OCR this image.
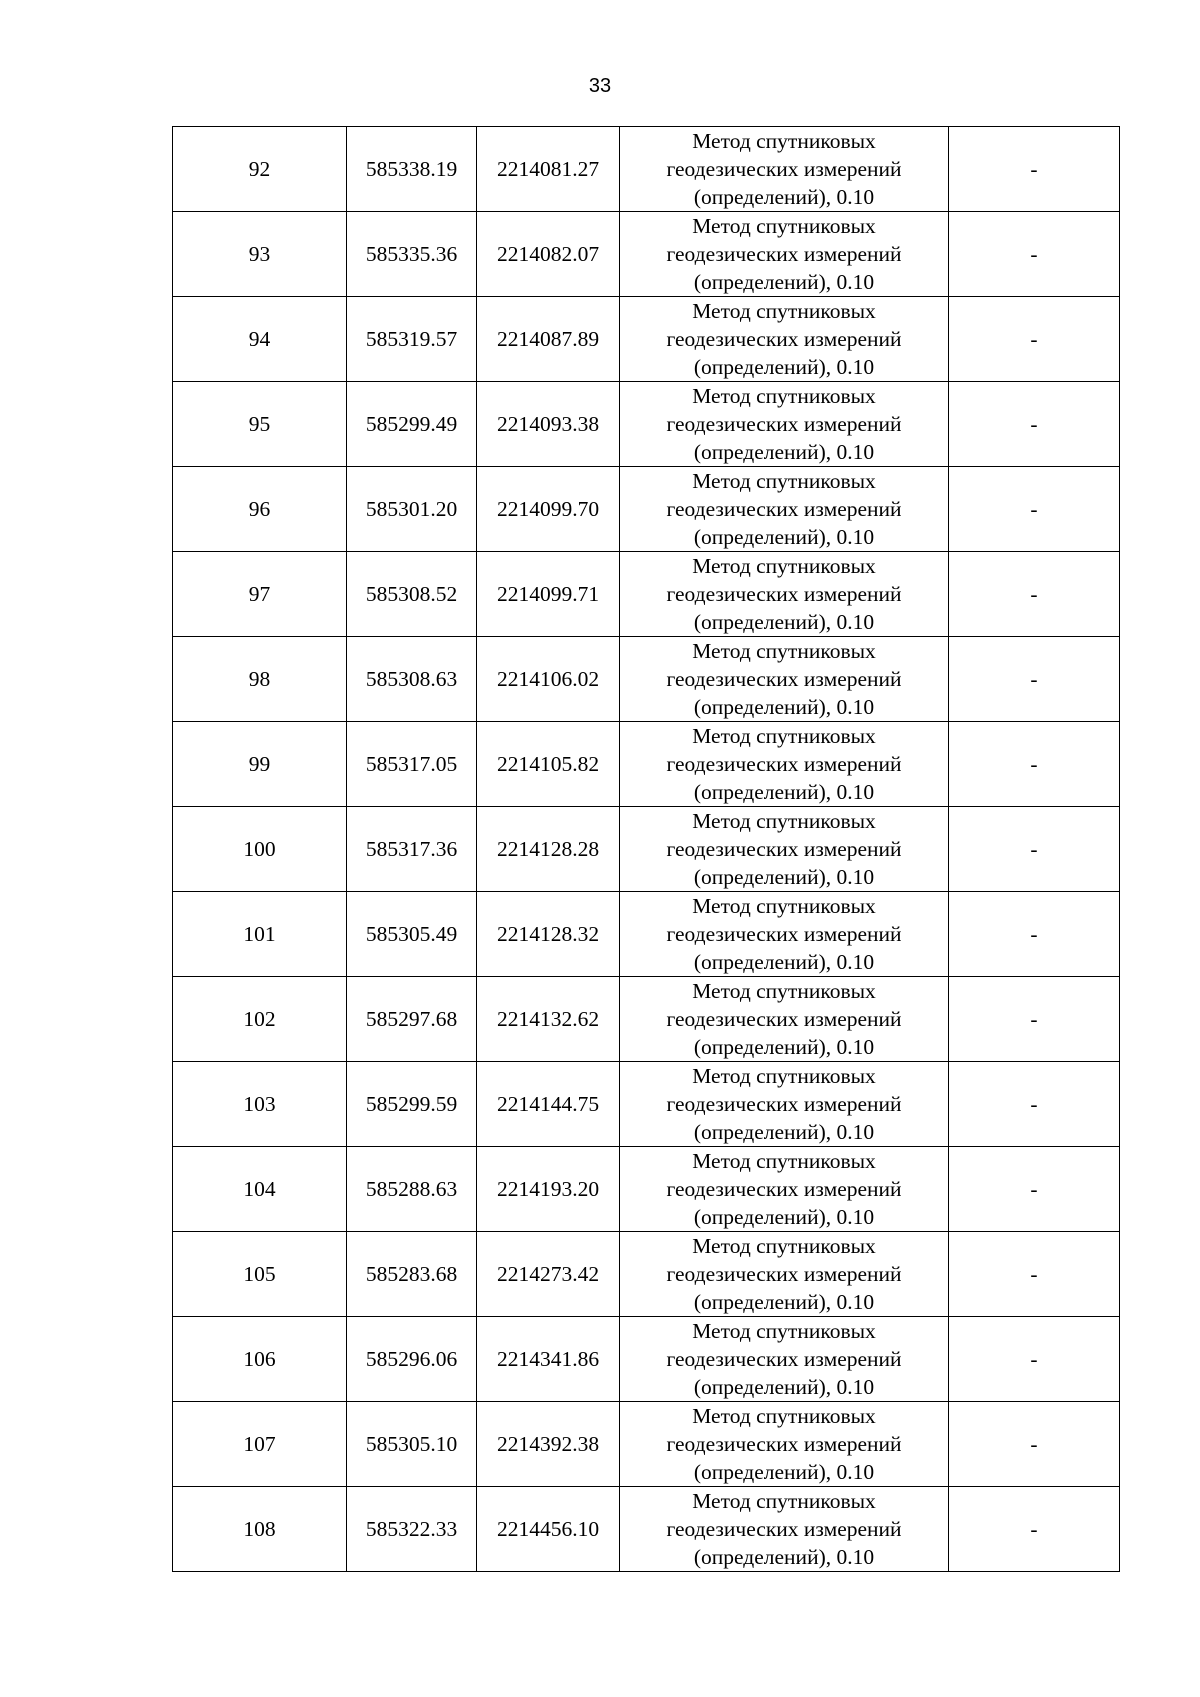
33
92	585338.19	2214081.27	Метод спутниковых
геодезических измерений
(определений), 0.10	-
93	585335.36	2214082.07	Метод спутниковых
геодезических измерений
(определений), 0.10	-
94	585319.57	2214087.89	Метод спутниковых
геодезических измерений
(определений), 0.10	-
95	585299.49	2214093.38	Метод спутниковых
геодезических измерений
(определений), 0.10	-
96	585301.20	2214099.70	Метод спутниковых
геодезических измерений
(определений), 0.10	-
97	585308.52	2214099.71	Метод спутниковых
геодезических измерений
(определений), 0.10	-
98	585308.63	2214106.02	Метод спутниковых
геодезических измерений
(определений), 0.10	-
99	585317.05	2214105.82	Метод спутниковых
геодезических измерений
(определений), 0.10	-
100	585317.36	2214128.28	Метод спутниковых
геодезических измерений
(определений), 0.10	-
101	585305.49	2214128.32	Метод спутниковых
геодезических измерений
(определений), 0.10	-
102	585297.68	2214132.62	Метод спутниковых
геодезических измерений
(определений), 0.10	-
103	585299.59	2214144.75	Метод спутниковых
геодезических измерений
(определений), 0.10	-
104	585288.63	2214193.20	Метод спутниковых
геодезических измерений
(определений), 0.10	-
105	585283.68	2214273.42	Метод спутниковых
геодезических измерений
(определений), 0.10	-
106	585296.06	2214341.86	Метод спутниковых
геодезических измерений
(определений), 0.10	-
107	585305.10	2214392.38	Метод спутниковых
геодезических измерений
(определений), 0.10	-
108	585322.33	2214456.10	Метод спутниковых
геодезических измерений
(определений), 0.10	-
